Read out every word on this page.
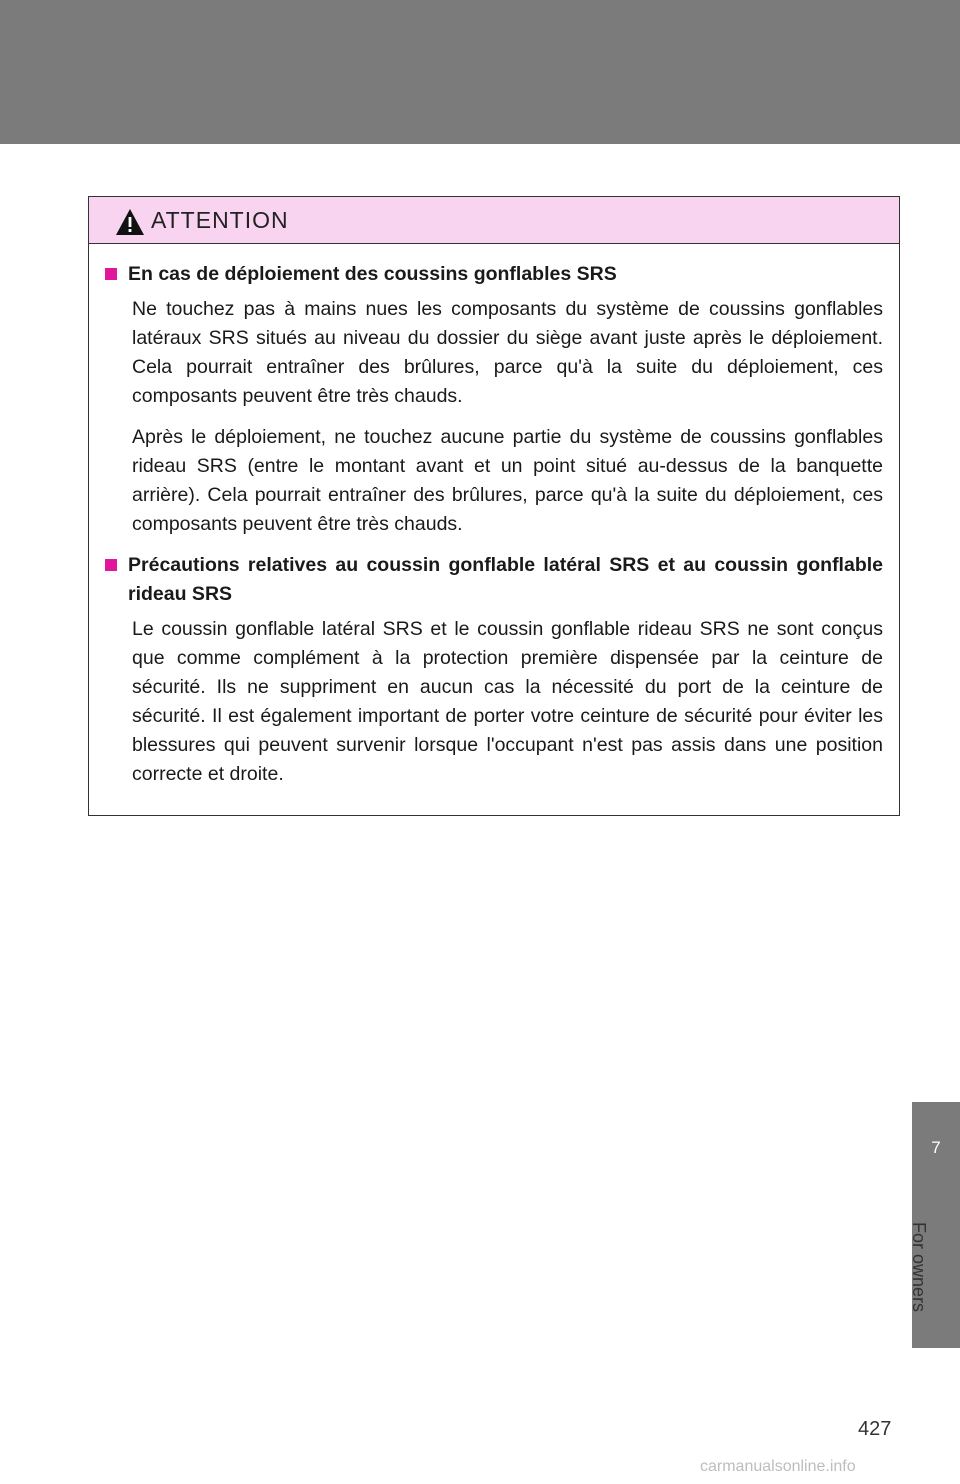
ATTENTION
En cas de déploiement des coussins gonflables SRS

Ne touchez pas à mains nues les composants du système de coussins gonflables latéraux SRS situés au niveau du dossier du siège avant juste après le déploiement. Cela pourrait entraîner des brûlures, parce qu'à la suite du déploiement, ces composants peuvent être très chauds.

Après le déploiement, ne touchez aucune partie du système de coussins gonflables rideau SRS (entre le montant avant et un point situé au-dessus de la banquette arrière). Cela pourrait entraîner des brûlures, parce qu'à la suite du déploiement, ces composants peuvent être très chauds.

Précautions relatives au coussin gonflable latéral SRS et au coussin gonflable rideau SRS

Le coussin gonflable latéral SRS et le coussin gonflable rideau SRS ne sont conçus que comme complément à la protection première dispensée par la ceinture de sécurité. Ils ne suppriment en aucun cas la nécessité du port de la ceinture de sécurité. Il est également important de porter votre ceinture de sécurité pour éviter les blessures qui peuvent survenir lorsque l'occupant n'est pas assis dans une position correcte et droite.

7
For owners
427
carmanualsonline.info
